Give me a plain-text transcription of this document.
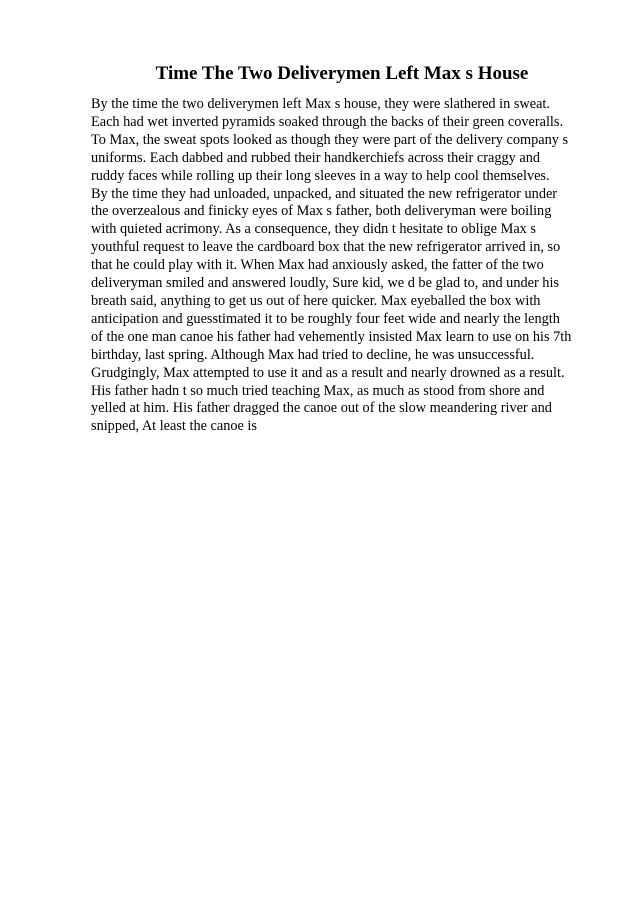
Time The Two Deliverymen Left Max s House
By the time the two deliverymen left Max s house, they were slathered in sweat.
Each had wet inverted pyramids soaked through the backs of their green coveralls.
To Max, the sweat spots looked as though they were part of the delivery company s
uniforms. Each dabbed and rubbed their handkerchiefs across their craggy and
ruddy faces while rolling up their long sleeves in a way to help cool themselves.
By the time they had unloaded, unpacked, and situated the new refrigerator under
the overzealous and finicky eyes of Max s father, both deliveryman were boiling
with quieted acrimony. As a consequence, they didn t hesitate to oblige Max s
youthful request to leave the cardboard box that the new refrigerator arrived in, so
that he could play with it. When Max had anxiously asked, the fatter of the two
deliveryman smiled and answered loudly, Sure kid, we d be glad to, and under his
breath said, anything to get us out of here quicker. Max eyeballed the box with
anticipation and guesstimated it to be roughly four feet wide and nearly the length
of the one man canoe his father had vehemently insisted Max learn to use on his 7th
birthday, last spring. Although Max had tried to decline, he was unsuccessful.
Grudgingly, Max attempted to use it and as a result and nearly drowned as a result.
His father hadn t so much tried teaching Max, as much as stood from shore and
yelled at him. His father dragged the canoe out of the slow meandering river and
snipped, At least the canoe is
